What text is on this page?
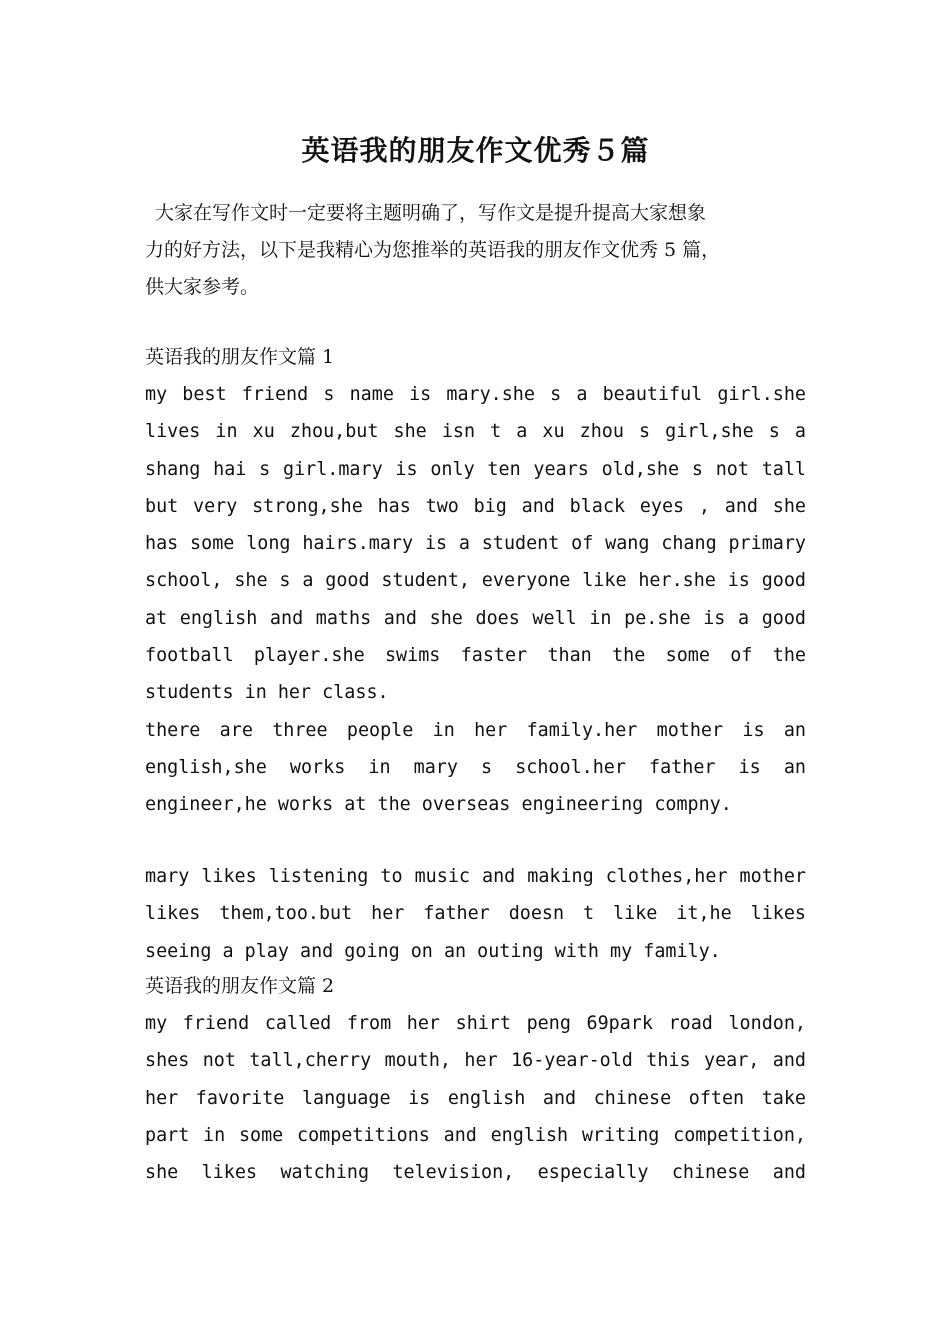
英语我的朋友作文优秀５篇
大家在写作文时一定要将主题明确了，写作文是提升提高大家想象
力的好方法，以下是我精心为您推举的英语我的朋友作文优秀 5 篇，
供大家参考。
英语我的朋友作文篇 1
my best friend s name is mary.she s a beautiful girl.she
lives in xu zhou,but she isn t a xu zhou s girl,she s a
shang hai s girl.mary is only ten years old,she s not tall
but very strong,she has two big and black eyes , and she
has some long hairs.mary is a student of wang chang primary
school, she s a good student, everyone like her.she is good
at english and maths and she does well in pe.she is a good
football player.she swims faster than the some of the
students in her class.
there are three people in her family.her mother is an
english,she works in mary s school.her father is an
engineer,he works at the overseas engineering compny.
mary likes listening to music and making clothes,her mother
likes them,too.but her father doesn t like it,he likes
seeing a play and going on an outing with my family.
英语我的朋友作文篇 2
my friend called from her shirt peng 69park road london,
shes not tall,cherry mouth, her 16-year-old this year, and
her favorite language is english and chinese often take
part in some competitions and english writing competition,
she likes watching television, especially chinese and
